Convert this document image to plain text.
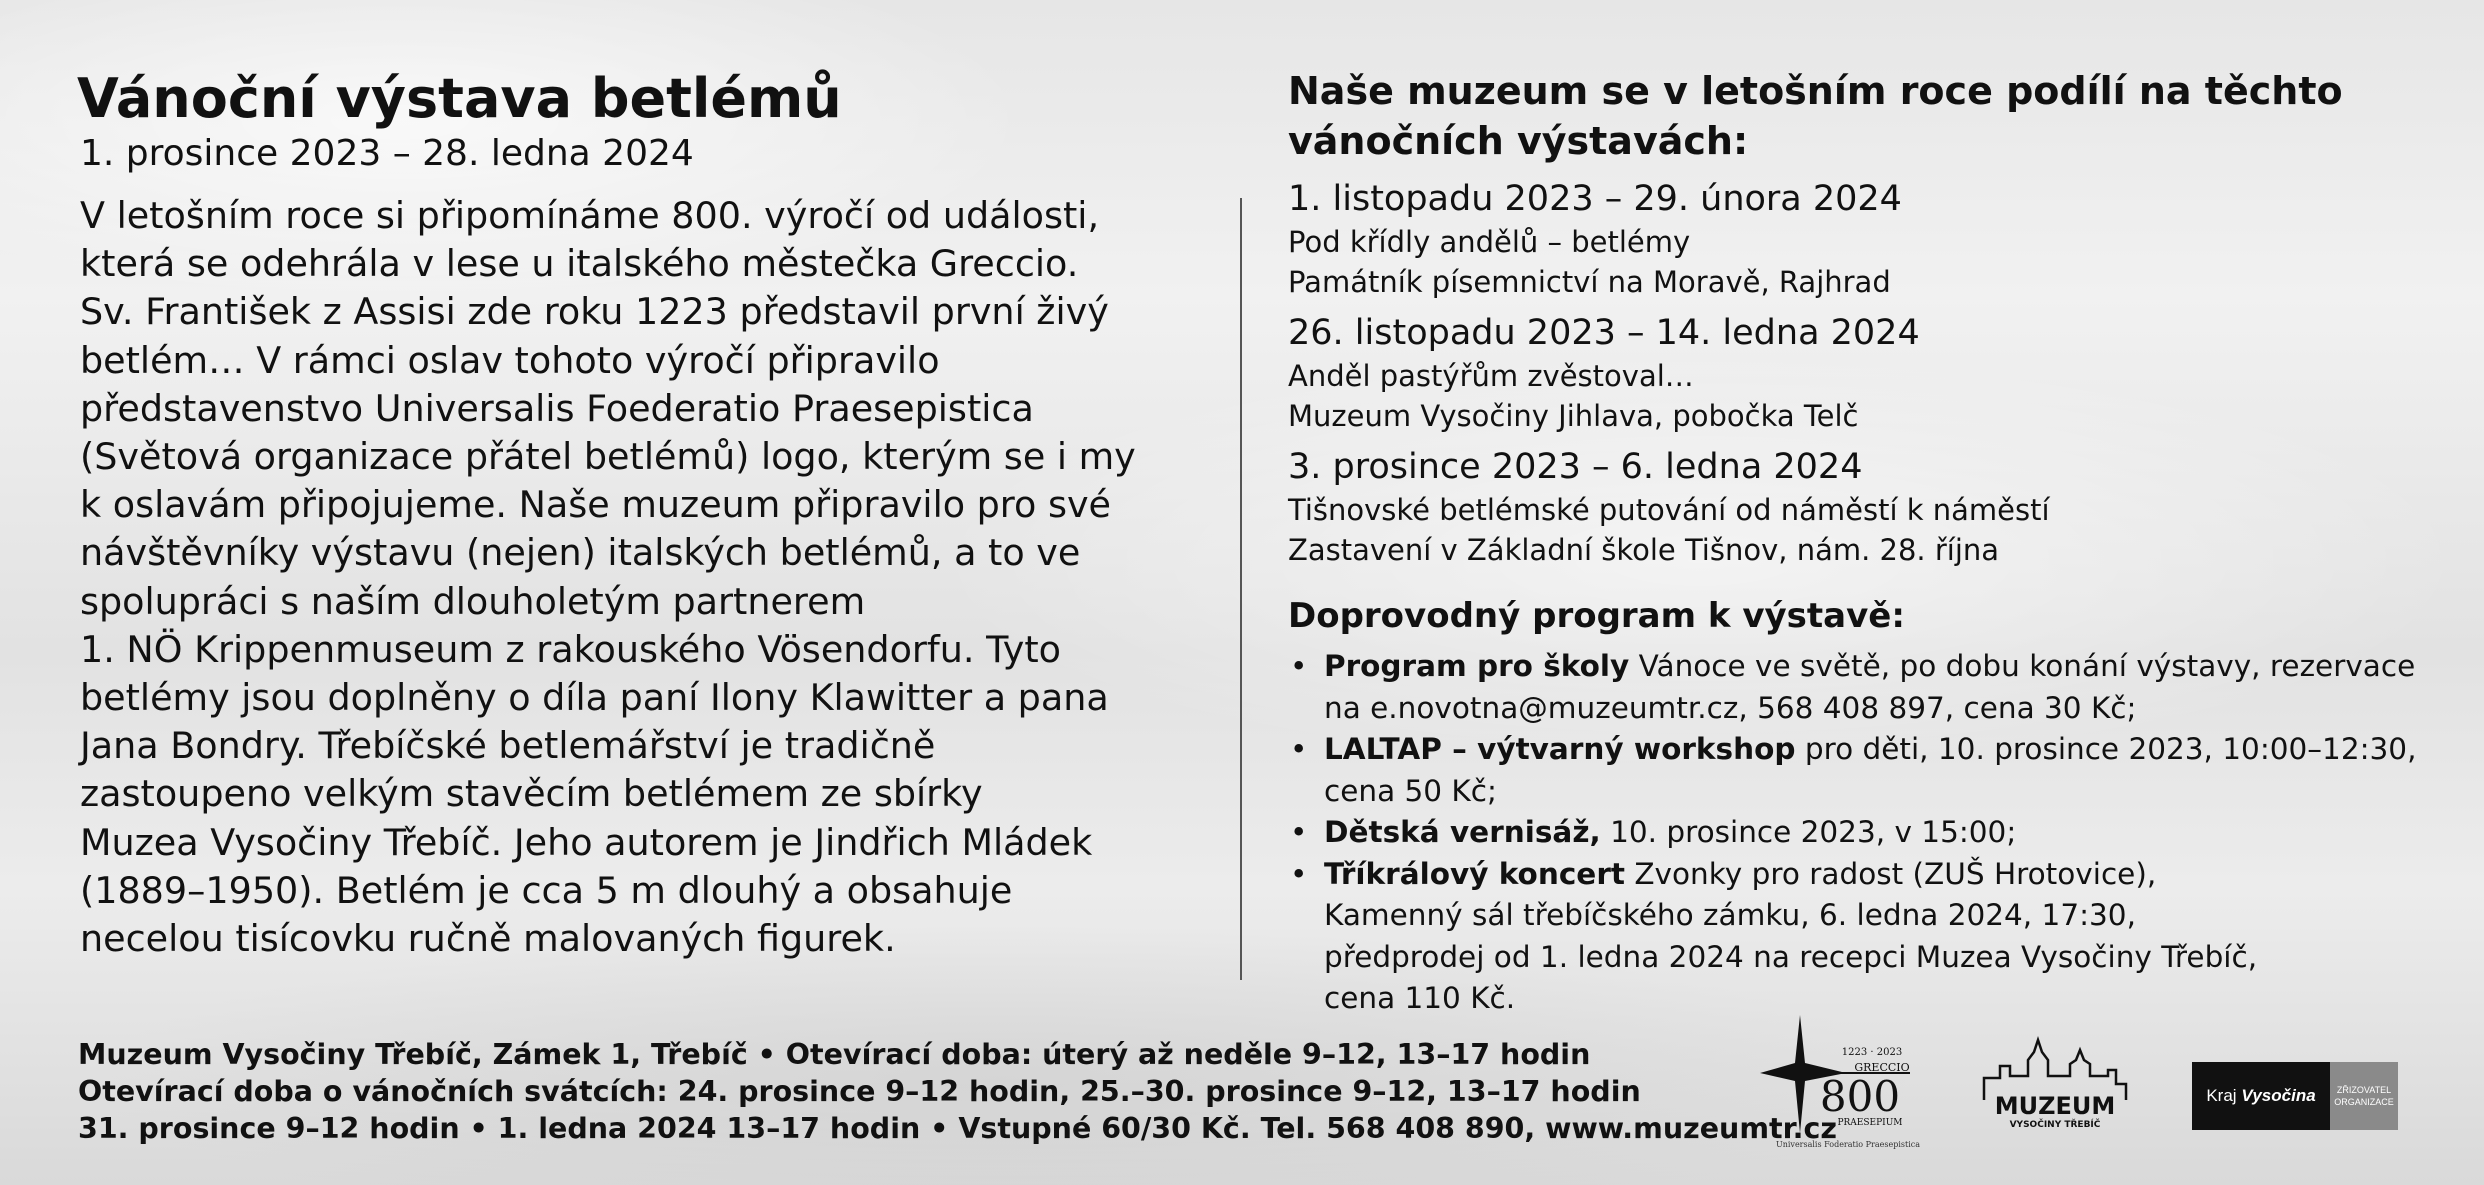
Vánoční výstava betlémů
1. prosince 2023 – 28. ledna 2024

V letošním roce si připomínáme 800. výročí od události,

která se odehrála v lese u italského městečka Greccio.

Sv. František z Assisi zde roku 1223 představil první živý

betlém… V rámci oslav tohoto výročí připravilo

představenstvo Universalis Foederatio Praesepistica

(Světová organizace přátel betlémů) logo, kterým se i my

k oslavám připojujeme. Naše muzeum připravilo pro své

návštěvníky výstavu (nejen) italských betlémů, a to ve

spolupráci s naším dlouholetým partnerem

1. NÖ Krippenmuseum z rakouského Vösendorfu. Tyto

betlémy jsou doplněny o díla paní Ilony Klawitter a pana

Jana Bondry. Třebíčské betlemářství je tradičně

zastoupeno velkým stavěcím betlémem ze sbírky

Muzea Vysočiny Třebíč. Jeho autorem je Jindřich Mládek

(1889–1950). Betlém je cca 5 m dlouhý a obsahuje

necelou tisícovku ručně malovaných figurek.

Naše muzeum se v letošním roce podílí na těchto

vánočních výstavách:

1. listopadu 2023 – 29. února 2024
Pod křídly andělů – betlémy
Památník písemnictví na Moravě, Rajhrad
26. listopadu 2023 – 14. ledna 2024
Anděl pastýřům zvěstoval…
Muzeum Vysočiny Jihlava, pobočka Telč
3. prosince 2023 – 6. ledna 2024
Tišnovské betlémské putování od náměstí k náměstí
Zastavení v Základní škole Tišnov, nám. 28. října
Doprovodný program k výstavě:
• Program pro školy Vánoce ve světě, po dobu konání výstavy, rezervace
na e.novotna@muzeumtr.cz, 568 408 897, cena 30 Kč;
• LALTAP – výtvarný workshop pro děti, 10. prosince 2023, 10:00–12:30,
cena 50 Kč;
• Dětská vernisáž, 10. prosince 2023, v 15:00;
• Tříkrálový koncert Zvonky pro radost (ZUŠ Hrotovice),
Kamenný sál třebíčského zámku, 6. ledna 2024, 17:30,
předprodej od 1. ledna 2024 na recepci Muzea Vysočiny Třebíč,
cena 110 Kč.

Muzeum Vysočiny Třebíč, Zámek 1, Třebíč • Otevírací doba: úterý až neděle 9–12, 13–17 hodin

Otevírací doba o vánočních svátcích: 24. prosince 9–12 hodin, 25.–30. prosince 9–12, 13–17 hodin

31. prosince 9–12 hodin • 1. ledna 2024 13–17 hodin • Vstupné 60/30 Kč. Tel. 568 408 890, www.muzeumtr.cz

1223 · 2023
GRECCIO
800
PRAESEPIUM
Universalis Foderatio Praesepistica
MUZEUM
VYSOČINY TŘEBÍČ
Kraj Vysočina	ZŘIZOVATEL
ORGANIZACE
